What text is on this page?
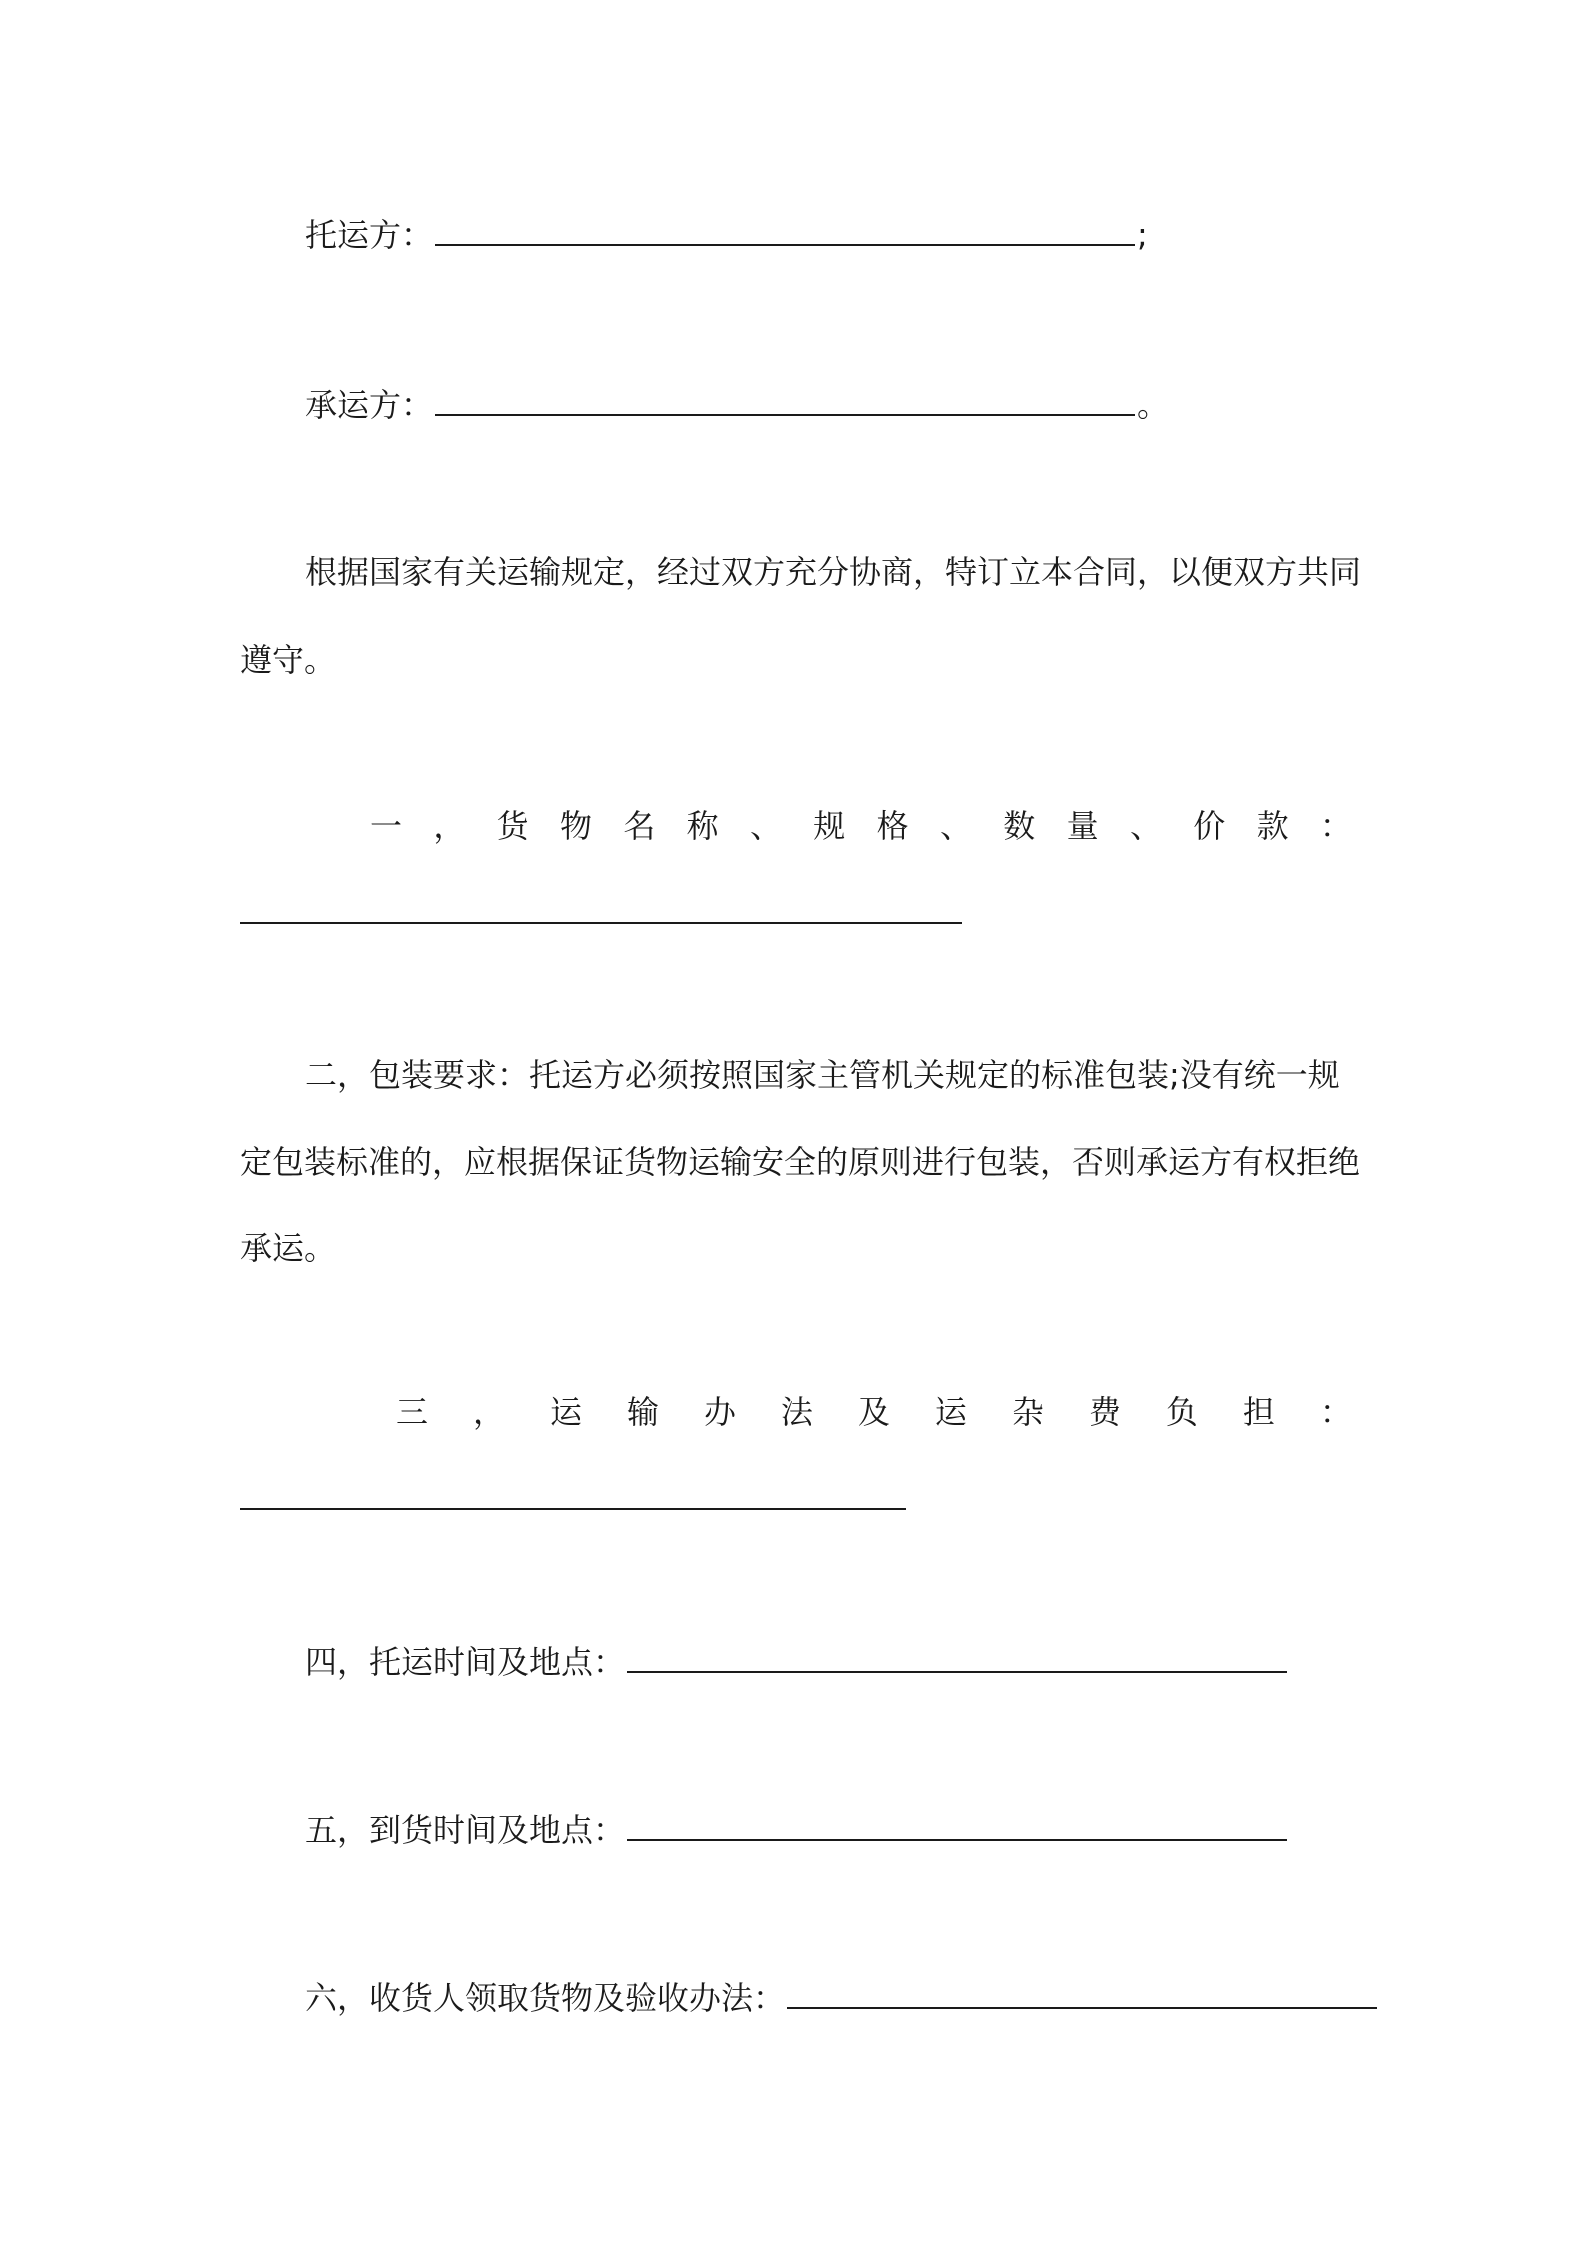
托运方：	;
承运方：	。
根据国家有关运输规定，经过双方充分协商，特订立本合同，以便双方共同
遵守。
一 ， 货 物 名 称 、 规 格 、 数 量 、 价 款 ：
二，包装要求：托运方必须按照国家主管机关规定的标准包装;没有统一规
定包装标准的，应根据保证货物运输安全的原则进行包装，否则承运方有权拒绝
承运。
三 ， 运 输 办 法 及 运 杂 费 负 担 ：
四，托运时间及地点：
五，到货时间及地点：
六，收货人领取货物及验收办法：
